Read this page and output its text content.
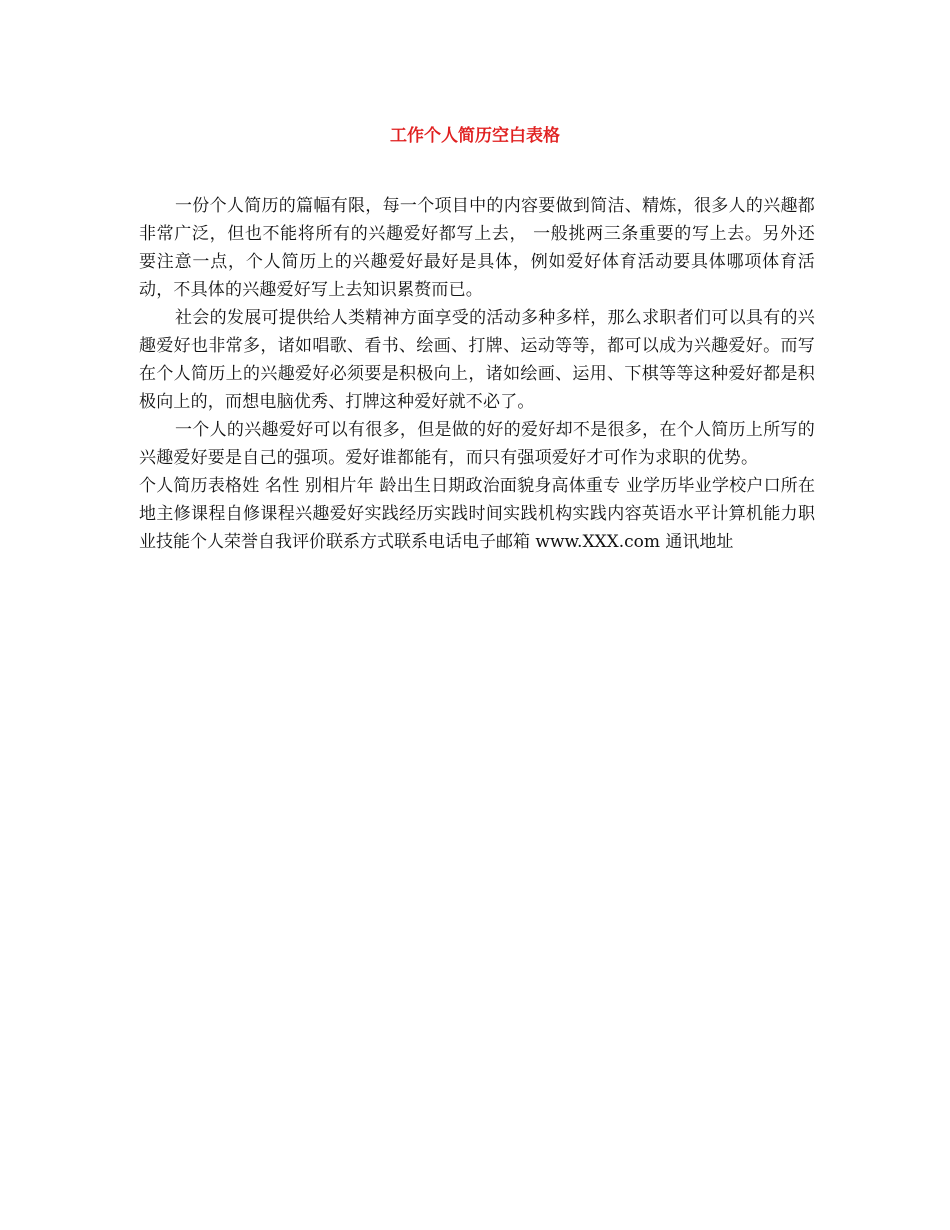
工作个人简历空白表格

一份个人简历的篇幅有限，每一个项目中的内容要做到简洁、精炼，很多人的兴趣都非常广泛，但也不能将所有的兴趣爱好都写上去， 一般挑两三条重要的写上去。另外还要注意一点，个人简历上的兴趣爱好最好是具体，例如爱好体育活动要具体哪项体育活动，不具体的兴趣爱好写上去知识累赘而已。

社会的发展可提供给人类精神方面享受的活动多种多样，那么求职者们可以具有的兴趣爱好也非常多，诸如唱歌、看书、绘画、打牌、运动等等，都可以成为兴趣爱好。而写在个人简历上的兴趣爱好必须要是积极向上，诸如绘画、运用、下棋等等这种爱好都是积极向上的，而想电脑优秀、打牌这种爱好就不必了。

一个人的兴趣爱好可以有很多，但是做的好的爱好却不是很多，在个人简历上所写的兴趣爱好要是自己的强项。爱好谁都能有，而只有强项爱好才可作为求职的优势。

个人简历表格姓 名性 别相片年 龄出生日期政治面貌身高体重专 业学历毕业学校户口所在地主修课程自修课程兴趣爱好实践经历实践时间实践机构实践内容英语水平计算机能力职业技能个人荣誉自我评价联系方式联系电话电子邮箱 www.XXX.com 通讯地址
